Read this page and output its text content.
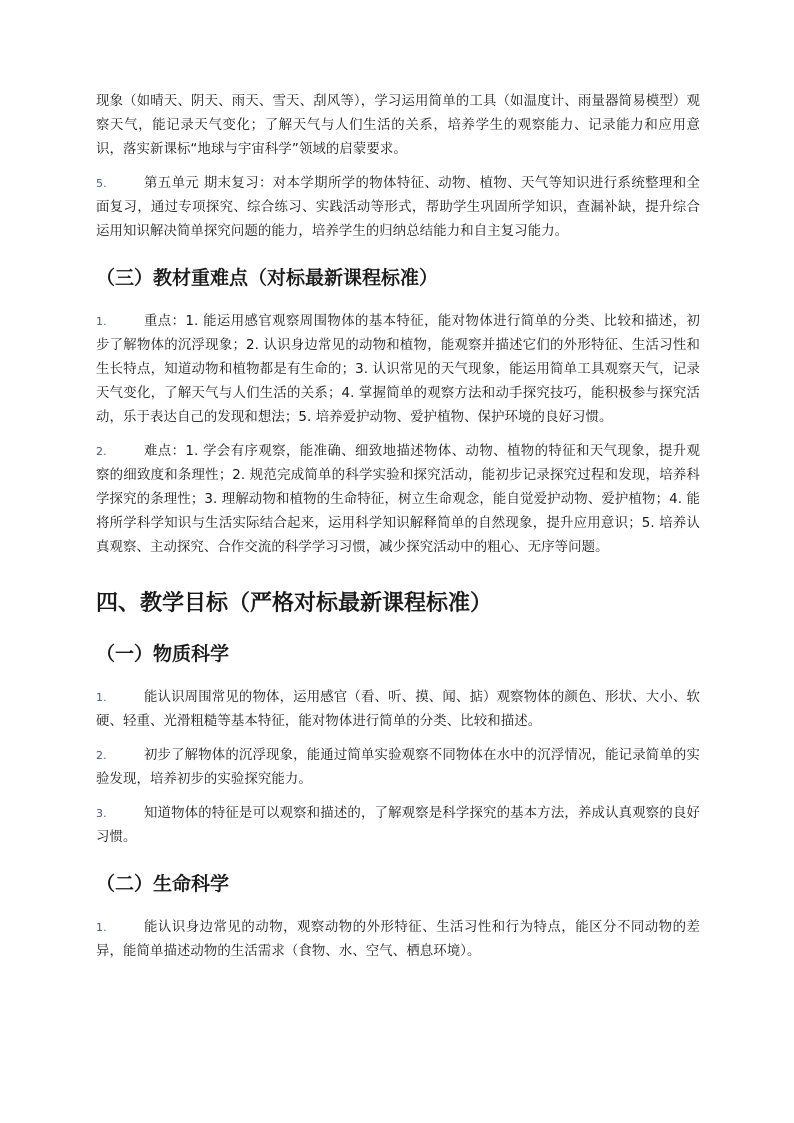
现象（如晴天、阴天、雨天、雪天、刮风等），学习运用简单的工具（如温度计、雨量器简易模型）观察天气，能记录天气变化；了解天气与人们生活的关系，培养学生的观察能力、记录能力和应用意识，落实新课标“地球与宇宙科学”领域的启蒙要求。

5.	第五单元 期末复习：对本学期所学的物体特征、动物、植物、天气等知识进行系统整理和全面复习，通过专项探究、综合练习、实践活动等形式，帮助学生巩固所学知识，查漏补缺，提升综合运用知识解决简单探究问题的能力，培养学生的归纳总结能力和自主复习能力。

（三）教材重难点（对标最新课程标准）

1.	重点：1. 能运用感官观察周围物体的基本特征，能对物体进行简单的分类、比较和描述，初步了解物体的沉浮现象；2. 认识身边常见的动物和植物，能观察并描述它们的外形特征、生活习性和生长特点，知道动物和植物都是有生命的；3. 认识常见的天气现象，能运用简单工具观察天气，记录天气变化，了解天气与人们生活的关系；4. 掌握简单的观察方法和动手探究技巧，能积极参与探究活动，乐于表达自己的发现和想法；5. 培养爱护动物、爱护植物、保护环境的良好习惯。

2.	难点：1. 学会有序观察，能准确、细致地描述物体、动物、植物的特征和天气现象，提升观察的细致度和条理性；2. 规范完成简单的科学实验和探究活动，能初步记录探究过程和发现，培养科学探究的条理性；3. 理解动物和植物的生命特征，树立生命观念，能自觉爱护动物、爱护植物；4. 能将所学科学知识与生活实际结合起来，运用科学知识解释简单的自然现象，提升应用意识；5. 培养认真观察、主动探究、合作交流的科学学习习惯，减少探究活动中的粗心、无序等问题。

四、教学目标（严格对标最新课程标准）
（一）物质科学

1.	能认识周围常见的物体，运用感官（看、听、摸、闻、掂）观察物体的颜色、形状、大小、软硬、轻重、光滑粗糙等基本特征，能对物体进行简单的分类、比较和描述。

2.	初步了解物体的沉浮现象，能通过简单实验观察不同物体在水中的沉浮情况，能记录简单的实验发现，培养初步的实验探究能力。

3.	知道物体的特征是可以观察和描述的，了解观察是科学探究的基本方法，养成认真观察的良好习惯。

（二）生命科学

1.	能认识身边常见的动物，观察动物的外形特征、生活习性和行为特点，能区分不同动物的差异，能简单描述动物的生活需求（食物、水、空气、栖息环境）。
